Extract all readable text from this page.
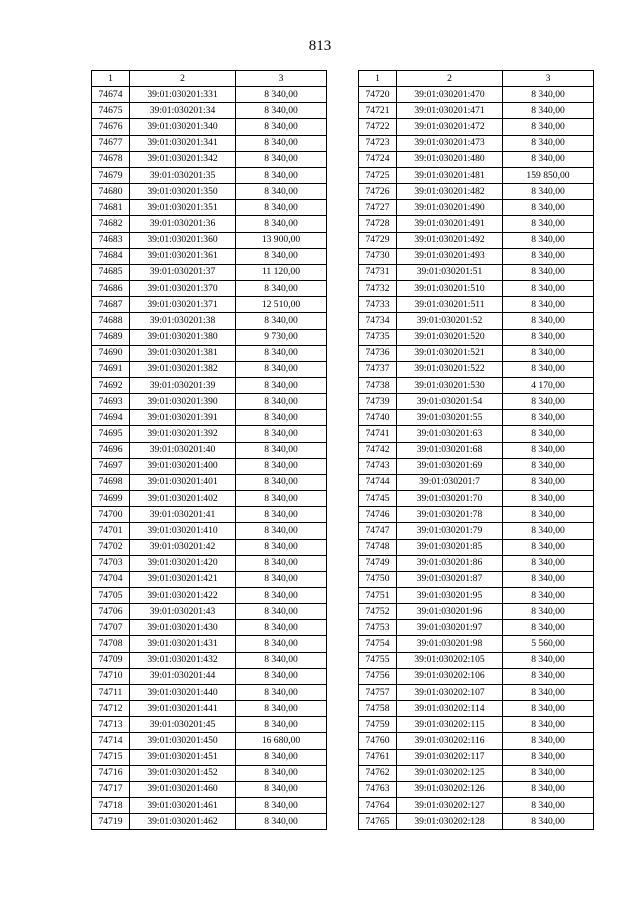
813
1	2	3
74674	39:01:030201:331	8 340,00
74675	39:01:030201:34	8 340,00
74676	39:01:030201:340	8 340,00
74677	39:01:030201:341	8 340,00
74678	39:01:030201:342	8 340,00
74679	39:01:030201:35	8 340,00
74680	39:01:030201:350	8 340,00
74681	39:01:030201:351	8 340,00
74682	39:01:030201:36	8 340,00
74683	39:01:030201:360	13 900,00
74684	39:01:030201:361	8 340,00
74685	39:01:030201:37	11 120,00
74686	39:01:030201:370	8 340,00
74687	39:01:030201:371	12 510,00
74688	39:01:030201:38	8 340,00
74689	39:01:030201:380	9 730,00
74690	39:01:030201:381	8 340,00
74691	39:01:030201:382	8 340,00
74692	39:01:030201:39	8 340,00
74693	39:01:030201:390	8 340,00
74694	39:01:030201:391	8 340,00
74695	39:01:030201:392	8 340,00
74696	39:01:030201:40	8 340,00
74697	39:01:030201:400	8 340,00
74698	39:01:030201:401	8 340,00
74699	39:01:030201:402	8 340,00
74700	39:01:030201:41	8 340,00
74701	39:01:030201:410	8 340,00
74702	39:01:030201:42	8 340,00
74703	39:01:030201:420	8 340,00
74704	39:01:030201:421	8 340,00
74705	39:01:030201:422	8 340,00
74706	39:01:030201:43	8 340,00
74707	39:01:030201:430	8 340,00
74708	39:01:030201:431	8 340,00
74709	39:01:030201:432	8 340,00
74710	39:01:030201:44	8 340,00
74711	39:01:030201:440	8 340,00
74712	39:01:030201:441	8 340,00
74713	39:01:030201:45	8 340,00
74714	39:01:030201:450	16 680,00
74715	39:01:030201:451	8 340,00
74716	39:01:030201:452	8 340,00
74717	39:01:030201:460	8 340,00
74718	39:01:030201:461	8 340,00
74719	39:01:030201:462	8 340,00
1	2	3
74720	39:01:030201:470	8 340,00
74721	39:01:030201:471	8 340,00
74722	39:01:030201:472	8 340,00
74723	39:01:030201:473	8 340,00
74724	39:01:030201:480	8 340,00
74725	39:01:030201:481	159 850,00
74726	39:01:030201:482	8 340,00
74727	39:01:030201:490	8 340,00
74728	39:01:030201:491	8 340,00
74729	39:01:030201:492	8 340,00
74730	39:01:030201:493	8 340,00
74731	39:01:030201:51	8 340,00
74732	39:01:030201:510	8 340,00
74733	39:01:030201:511	8 340,00
74734	39:01:030201:52	8 340,00
74735	39:01:030201:520	8 340,00
74736	39:01:030201:521	8 340,00
74737	39:01:030201:522	8 340,00
74738	39:01:030201:530	4 170,00
74739	39:01:030201:54	8 340,00
74740	39:01:030201:55	8 340,00
74741	39:01:030201:63	8 340,00
74742	39:01:030201:68	8 340,00
74743	39:01:030201:69	8 340,00
74744	39:01:030201:7	8 340,00
74745	39:01:030201:70	8 340,00
74746	39:01:030201:78	8 340,00
74747	39:01:030201:79	8 340,00
74748	39:01:030201:85	8 340,00
74749	39:01:030201:86	8 340,00
74750	39:01:030201:87	8 340,00
74751	39:01:030201:95	8 340,00
74752	39:01:030201:96	8 340,00
74753	39:01:030201:97	8 340,00
74754	39:01:030201:98	5 560,00
74755	39:01:030202:105	8 340,00
74756	39:01:030202:106	8 340,00
74757	39:01:030202:107	8 340,00
74758	39:01:030202:114	8 340,00
74759	39:01:030202:115	8 340,00
74760	39:01:030202:116	8 340,00
74761	39:01:030202:117	8 340,00
74762	39:01:030202:125	8 340,00
74763	39:01:030202:126	8 340,00
74764	39:01:030202:127	8 340,00
74765	39:01:030202:128	8 340,00
